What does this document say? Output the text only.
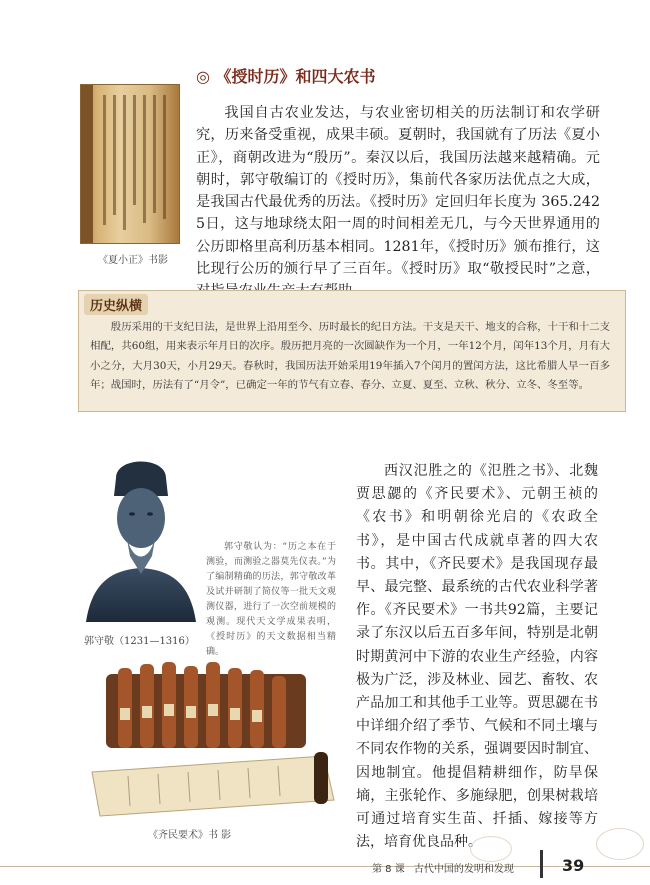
◎ 《授时历》和四大农书
《夏小正》书影
我国自古农业发达，与农业密切相关的历法制订和农学研究，历来备受重视，成果丰硕。夏朝时，我国就有了历法《夏小正》，商朝改进为“殷历”。秦汉以后，我国历法越来越精确。元朝时，郭守敬编订的《授时历》，集前代各家历法优点之大成，是我国古代最优秀的历法。《授时历》定回归年长度为 365.242 5日，这与地球绕太阳一周的时间相差无几，与今天世界通用的公历即格里高利历基本相同。1281年，《授时历》颁布推行，这比现行公历的颁行早了三百年。《授时历》取“敬授民时”之意，
历史纵横
殷历采用的干支纪日法，是世界上沿用至今、历时最长的纪日方法。干支是天干、地支的合称，十干和十二支相配，共60组，用来表示年月日的次序。殷历把月亮的一次圆缺作为一个月，一年12个月，闰年13个月，月有大小之分，大月30天，小月29天。春秋时，我国历法开始采用19年插入7个闰月的置闰方法，这比希腊人早一百多年；战国时，历法有了“月令”，已确定一年的节气有立春、春分、立夏、夏至、立秋、秋分、立冬、冬至等。
郭守敬（1231—1316）
郭守敬认为：“历之本在于测验，而测验之器莫先仪表。”为了编制精确的历法，郭守敬改革及试并研制了简仪等一批天文观测仪器，进行了一次空前规模的观测。现代天文学成果表明，《授时历》的天文数据相当精确。
《齐民要术》书 影
西汉氾胜之的《氾胜之书》、北魏贾思勰的《齐民要术》、元朝王祯的《农书》和明朝徐光启的《农政全书》，是中国古代成就卓著的四大农书。其中，《齐民要术》是我国现存最早、最完整、最系统的古代农业科学著作。《齐民要术》一书共92篇，主要记录了东汉以后五百多年间，特别是北朝时期黄河中下游的农业生产经验，内容极为广泛，涉及林业、园艺、畜牧、农产品加工和其他手工业等。贾思勰在书中详细介绍了季节、气候和不同土壤与不同农作物的关系，强调要因时制宜、因地制宜。他提倡精耕细作，防旱保墒，主张轮作、多施绿肥，创果树栽培可通过培育实生苗、扦插、嫁接等方法，培育优良品种。
第 8 课 古代中国的发明和发现	39
